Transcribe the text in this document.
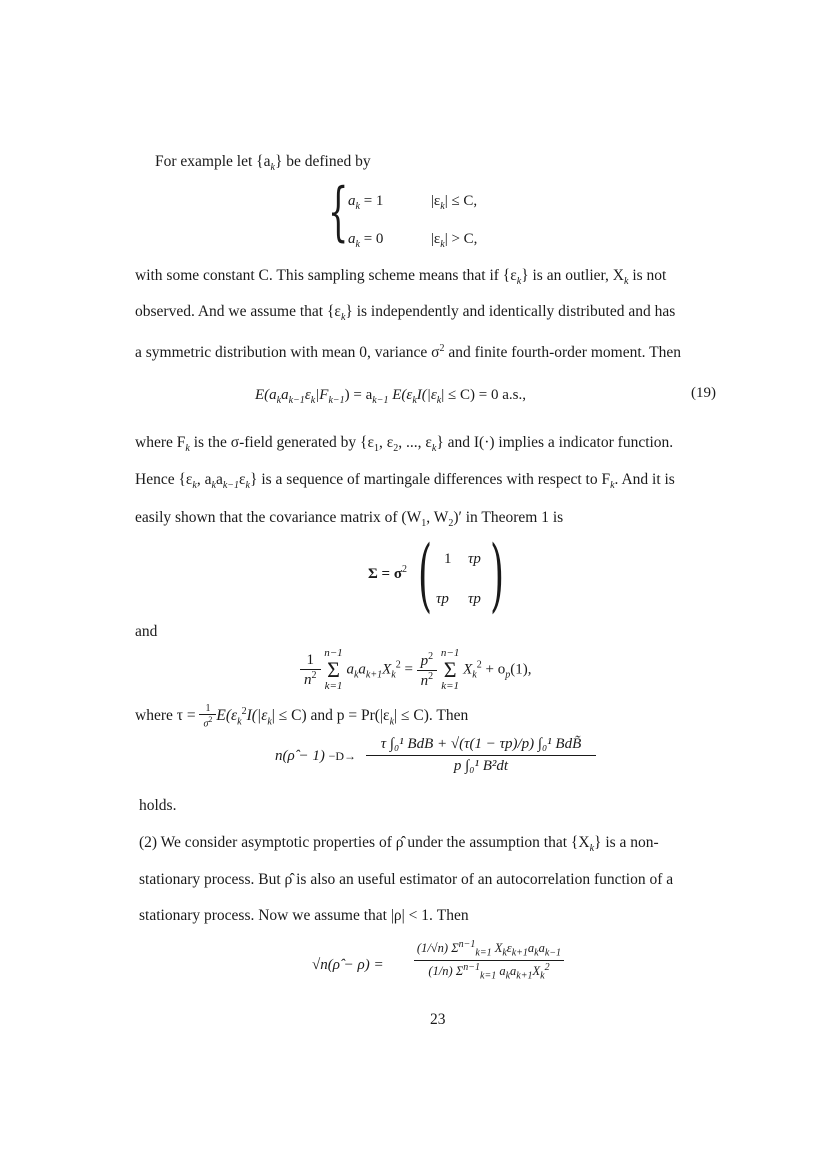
For example let $\{a_k\}$ be defined by
{ $a_k = 1$	$|\varepsilon_k| \le C$,
$a_k = 0$	$|\varepsilon_k| > C$,
with some constant C. This sampling scheme means that if $\{\varepsilon_k\}$ is an outlier, $X_k$ is not
observed. And we assume that $\{\varepsilon_k\}$ is independently and identically distributed and has
a symmetric distribution with mean 0, variance $\sigma^2$ and finite fourth-order moment. Then
$E(a_ka_{k-1}\varepsilon_k|F_{k-1}) = a_{k-1}$ $E(\varepsilon_kI(|\varepsilon_k| \le C) = 0$ a.s.,	(19)
where $F_k$ is the σ-field generated by {$\varepsilon_1$, $\varepsilon_2$, ..., $\varepsilon_k$} and I(·) implies a indicator function.
Hence {$\varepsilon_k$, $a_ka_{k-1}\varepsilon_k$} is a sequence of martingale differences with respect to $F_k$. And it is
easily shown that the covariance matrix of ($W_1$, $W_2)'$ in Theorem 1 is
$\Sigma = \sigma^2$ ( )
1 τp
τp τp
and
$\frac{1}{n^2} n-1$
Σ
k=1 $a_ka_{k+1}X_k^2 = \frac{p^2}{n^2} n-1$
Σ
k=1 $X_k^2 + o_p(1)$,
where $\tau = \frac{1}{\sigma^2} E(\varepsilon_k^2I(|\varepsilon_k| \le C)$ and $p = Pr(|\varepsilon_k| \le C)$. Then
n(ρ̂ − 1) −D→
τ ∫₀¹ BdB + √(τ(1 − τp)/p) ∫₀¹ BdB̃
p ∫₀¹ B²dt
holds.
(2) We consider asymptotic properties of ρ̂ under the assumption that $\{X_k\}$ is a non-
stationary process. But ρ̂ is also an useful estimator of an autocorrelation function of a
stationary process. Now we assume that |ρ| < 1. Then
√n(ρ̂ − ρ) =
(1/√n) $\Sigma^{n-1}_{k=1}$ $X_k\varepsilon_{k+1}a_ka_{k-1}$
(1/n) $\Sigma^{n-1}_{k=1}$ $a_ka_{k+1}X_k^2$
23
